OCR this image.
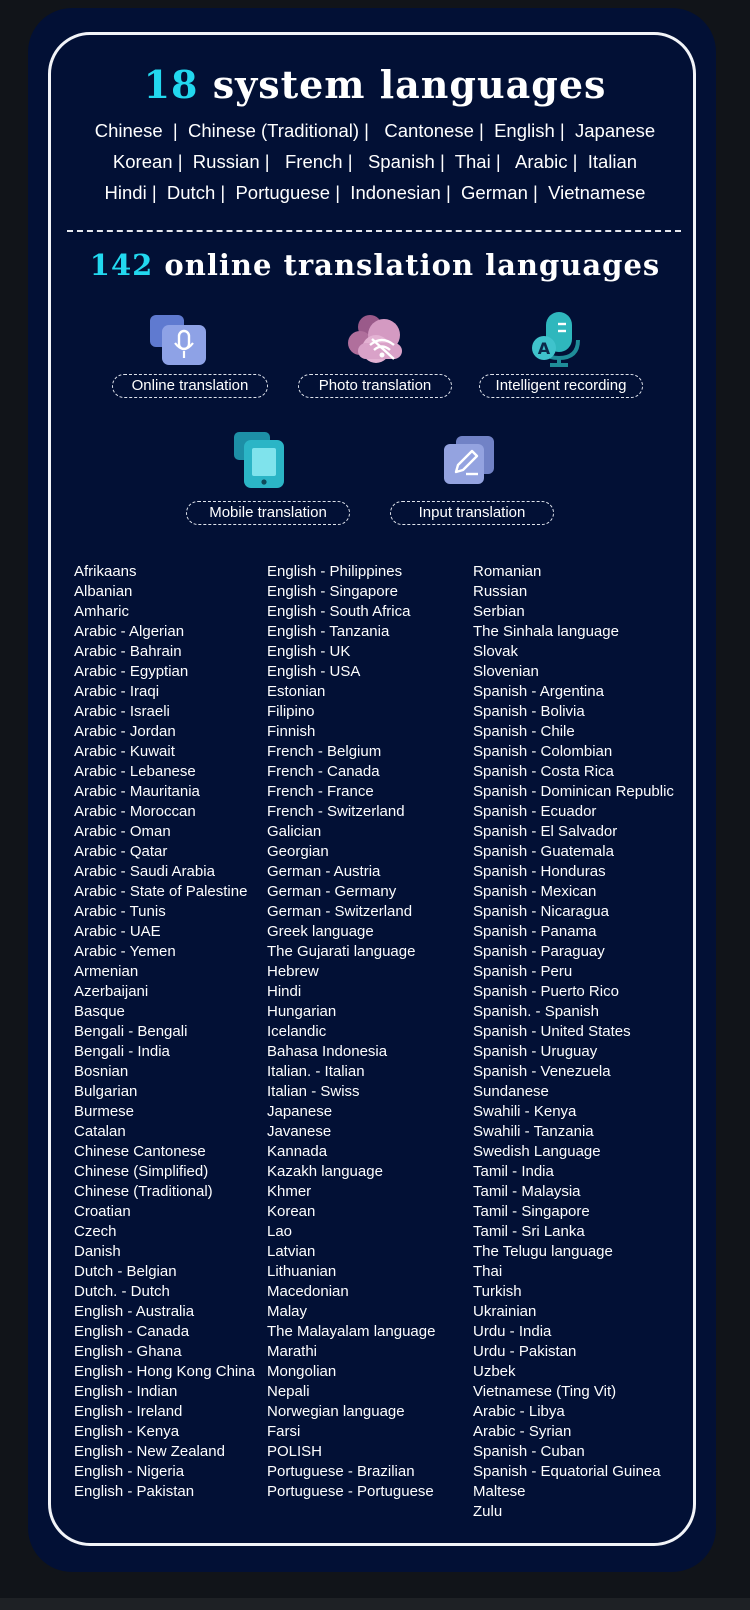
18 system languages
Chinese  |  Chinese (Traditional) |   Cantonese |  English |  Japanese
Korean |  Russian |   French |   Spanish |  Thai |   Arabic |  Italian
Hindi |  Dutch |  Portuguese |  Indonesian |  German |  Vietnamese
142 online translation languages
Online translation	Photo translation
A
Intelligent recording
Mobile translation	Input translation
Afrikaans
Albanian
Amharic
Arabic - Algerian
Arabic - Bahrain
Arabic - Egyptian
Arabic - Iraqi
Arabic - Israeli
Arabic - Jordan
Arabic - Kuwait
Arabic - Lebanese
Arabic - Mauritania
Arabic - Moroccan
Arabic - Oman
Arabic - Qatar
Arabic - Saudi Arabia
Arabic - State of Palestine
Arabic - Tunis
Arabic - UAE
Arabic - Yemen
Armenian
Azerbaijani
Basque
Bengali - Bengali
Bengali - India
Bosnian
Bulgarian
Burmese
Catalan
Chinese Cantonese
Chinese (Simplified)
Chinese (Traditional)
Croatian
Czech
Danish
Dutch - Belgian
Dutch. - Dutch
English - Australia
English - Canada
English - Ghana
English - Hong Kong China
English - Indian
English - Ireland
English - Kenya
English - New Zealand
English - Nigeria
English - Pakistan
English - Philippines
English - Singapore
English - South Africa
English - Tanzania
English - UK
English - USA
Estonian
Filipino
Finnish
French - Belgium
French - Canada
French - France
French - Switzerland
Galician
Georgian
German - Austria
German - Germany
German - Switzerland
Greek language
The Gujarati language
Hebrew
Hindi
Hungarian
Icelandic
Bahasa Indonesia
Italian. - Italian
Italian - Swiss
Japanese
Javanese
Kannada
Kazakh language
Khmer
Korean
Lao
Latvian
Lithuanian
Macedonian
Malay
The Malayalam language
Marathi
Mongolian
Nepali
Norwegian language
Farsi
POLISH
Portuguese - Brazilian
Portuguese - Portuguese
Romanian
Russian
Serbian
The Sinhala language
Slovak
Slovenian
Spanish - Argentina
Spanish - Bolivia
Spanish - Chile
Spanish - Colombian
Spanish - Costa Rica
Spanish - Dominican Republic
Spanish - Ecuador
Spanish - El Salvador
Spanish - Guatemala
Spanish - Honduras
Spanish - Mexican
Spanish - Nicaragua
Spanish - Panama
Spanish - Paraguay
Spanish - Peru
Spanish - Puerto Rico
Spanish. - Spanish
Spanish - United States
Spanish - Uruguay
Spanish - Venezuela
Sundanese
Swahili - Kenya
Swahili - Tanzania
Swedish Language
Tamil - India
Tamil - Malaysia
Tamil - Singapore
Tamil - Sri Lanka
The Telugu language
Thai
Turkish
Ukrainian
Urdu - India
Urdu - Pakistan
Uzbek
Vietnamese (Ting Vit)
Arabic - Libya
Arabic - Syrian
Spanish - Cuban
Spanish - Equatorial Guinea
Maltese
Zulu
